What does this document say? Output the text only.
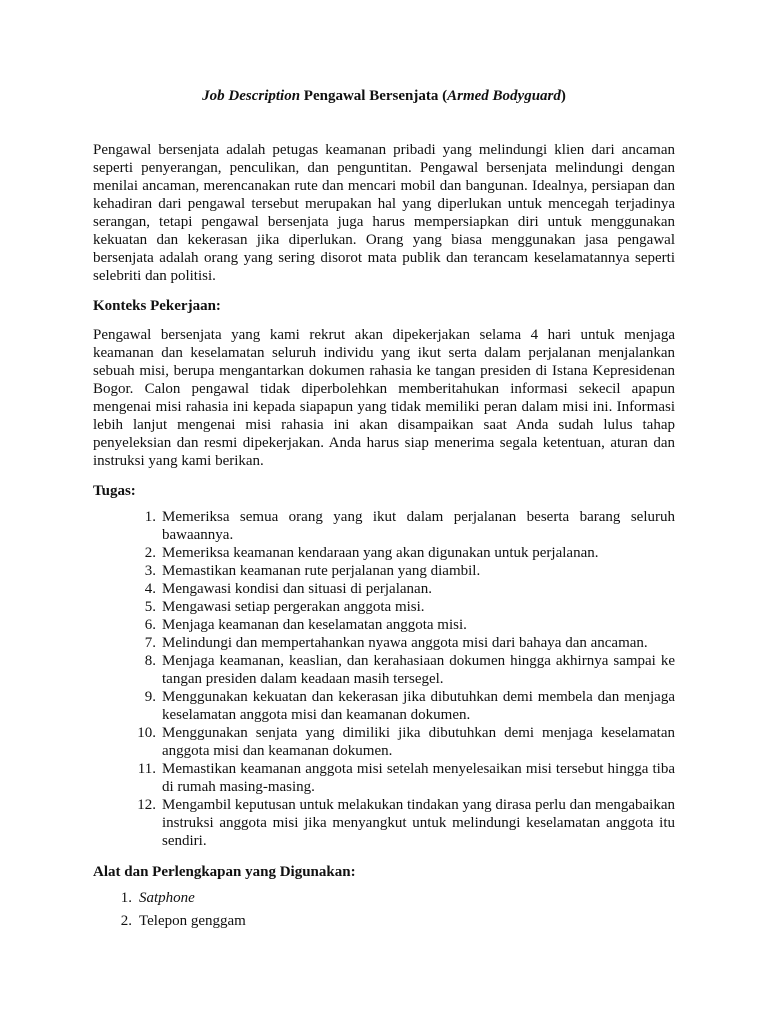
Job Description Pengawal Bersenjata (Armed Bodyguard)

Pengawal bersenjata adalah petugas keamanan pribadi yang melindungi klien dari ancaman seperti penyerangan, penculikan, dan penguntitan. Pengawal bersenjata melindungi dengan menilai ancaman, merencanakan rute dan mencari mobil dan bangunan. Idealnya, persiapan dan kehadiran dari pengawal tersebut merupakan hal yang diperlukan untuk mencegah terjadinya serangan, tetapi pengawal bersenjata juga harus mempersiapkan diri untuk menggunakan kekuatan dan kekerasan jika diperlukan. Orang yang biasa menggunakan jasa pengawal bersenjata adalah orang yang sering disorot mata publik dan terancam keselamatannya seperti selebriti dan politisi.

Konteks Pekerjaan:

Pengawal bersenjata yang kami rekrut akan dipekerjakan selama 4 hari untuk menjaga keamanan dan keselamatan seluruh individu yang ikut serta dalam perjalanan menjalankan sebuah misi, berupa mengantarkan dokumen rahasia ke tangan presiden di Istana Kepresidenan Bogor. Calon pengawal tidak diperbolehkan memberitahukan informasi sekecil apapun mengenai misi rahasia ini kepada siapapun yang tidak memiliki peran dalam misi ini. Informasi lebih lanjut mengenai misi rahasia ini akan disampaikan saat Anda sudah lulus tahap penyeleksian dan resmi dipekerjakan. Anda harus siap menerima segala ketentuan, aturan dan instruksi yang kami berikan.

Tugas:

1. Memeriksa semua orang yang ikut dalam perjalanan beserta barang seluruh bawaannya.
2. Memeriksa keamanan kendaraan yang akan digunakan untuk perjalanan.
3. Memastikan keamanan rute perjalanan yang diambil.
4. Mengawasi kondisi dan situasi di perjalanan.
5. Mengawasi setiap pergerakan anggota misi.
6. Menjaga keamanan dan keselamatan anggota misi.
7. Melindungi dan mempertahankan nyawa anggota misi dari bahaya dan ancaman.
8. Menjaga keamanan, keaslian, dan kerahasiaan dokumen hingga akhirnya sampai ke tangan presiden dalam keadaan masih tersegel.
9. Menggunakan kekuatan dan kekerasan jika dibutuhkan demi membela dan menjaga keselamatan anggota misi dan keamanan dokumen.
10. Menggunakan senjata yang dimiliki jika dibutuhkan demi menjaga keselamatan anggota misi dan keamanan dokumen.
11. Memastikan keamanan anggota misi setelah menyelesaikan misi tersebut hingga tiba di rumah masing-masing.
12. Mengambil keputusan untuk melakukan tindakan yang dirasa perlu dan mengabaikan instruksi anggota misi jika menyangkut untuk melindungi keselamatan anggota itu sendiri.

Alat dan Perlengkapan yang Digunakan:

1. Satphone
2. Telepon genggam
